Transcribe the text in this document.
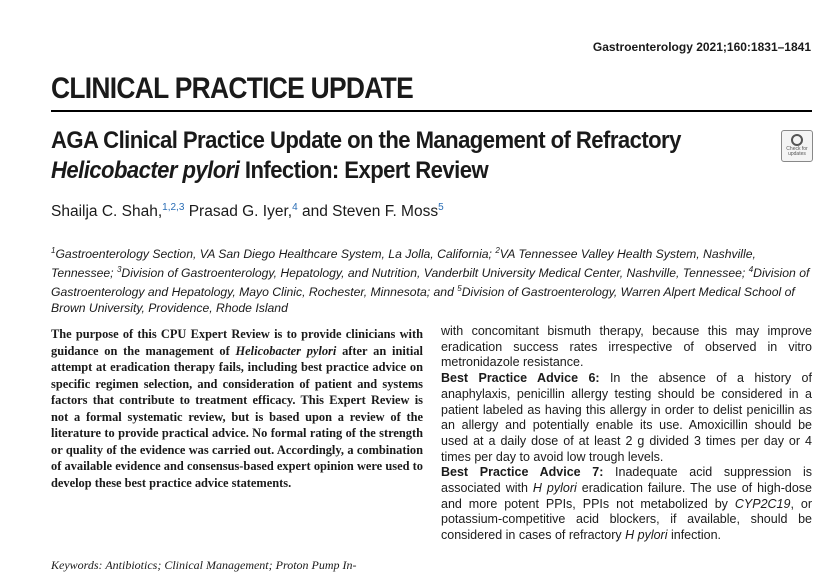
Gastroenterology 2021;160:1831–1841
CLINICAL PRACTICE UPDATE
AGA Clinical Practice Update on the Management of Refractory
Helicobacter pylori Infection: Expert Review
Check for updates
Shailja C. Shah,$^{1,2,3}$ Prasad G. Iyer,$^4$ and Steven F. Moss$^5$
$^1$Gastroenterology Section, VA San Diego Healthcare System, La Jolla, California; $^2$VA Tennessee Valley Health System, Nashville, Tennessee; $^3$Division of Gastroenterology, Hepatology, and Nutrition, Vanderbilt University Medical Center, Nashville, Tennessee; $^4$Division of Gastroenterology and Hepatology, Mayo Clinic, Rochester, Minnesota; and $^5$Division of Gastroenterology, Warren Alpert Medical School of Brown University, Providence, Rhode Island
The purpose of this CPU Expert Review is to provide clinicians with guidance on the management of Helicobacter pylori after an initial attempt at eradication therapy fails, including best practice advice on specific regimen selection, and consideration of patient and systems factors that contribute to treatment efficacy. This Expert Review is not a formal systematic review, but is based upon a review of the literature to provide practical advice. No formal rating of the strength or quality of the evidence was carried out. Accordingly, a combination of available evidence and consensus-based expert opinion were used to develop these best practice advice statements.
Keywords: Antibiotics; Clinical Management; Proton Pump In-

with concomitant bismuth therapy, because this may improve eradication success rates irrespective of observed in vitro metronidazole resistance.

Best Practice Advice 6: In the absence of a history of anaphylaxis, penicillin allergy testing should be considered in a patient labeled as having this allergy in order to delist penicillin as an allergy and potentially enable its use. Amoxicillin should be used at a daily dose of at least 2 g divided 3 times per day or 4 times per day to avoid low trough levels.

Best Practice Advice 7: Inadequate acid suppression is associated with H pylori eradication failure. The use of high-dose and more potent PPIs, PPIs not metabolized by CYP2C19, or potassium-competitive acid blockers, if available, should be considered in cases of refractory H pylori infection.
